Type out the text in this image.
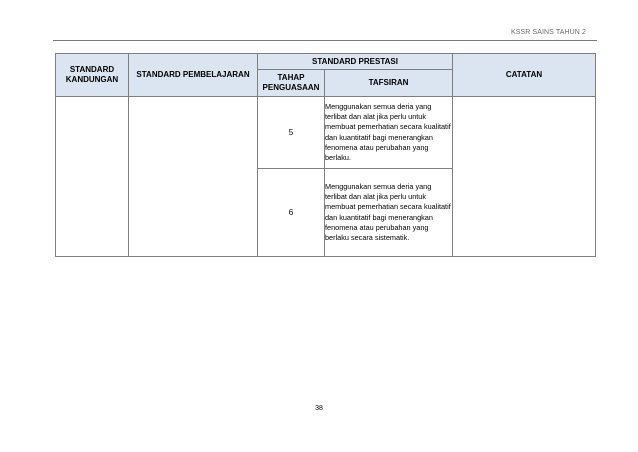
KSSR SAINS TAHUN 2
STANDARD KANDUNGAN	STANDARD PEMBELAJARAN	STANDARD PRESTASI		CATATAN
		TAHAP PENGUASAAN	TAFSIRAN	
		5	Menggunakan semua deria yang terlibat dan alat jika perlu untuk membuat pemerhatian secara kualitatif dan kuantitatif bagi menerangkan fenomena atau perubahan yang berlaku.	
		6	Menggunakan semua deria yang terlibat dan alat jika perlu untuk membuat pemerhatian secara kualitatif dan kuantitatif bagi menerangkan fenomena atau perubahan yang berlaku secara sistematik.	
38
